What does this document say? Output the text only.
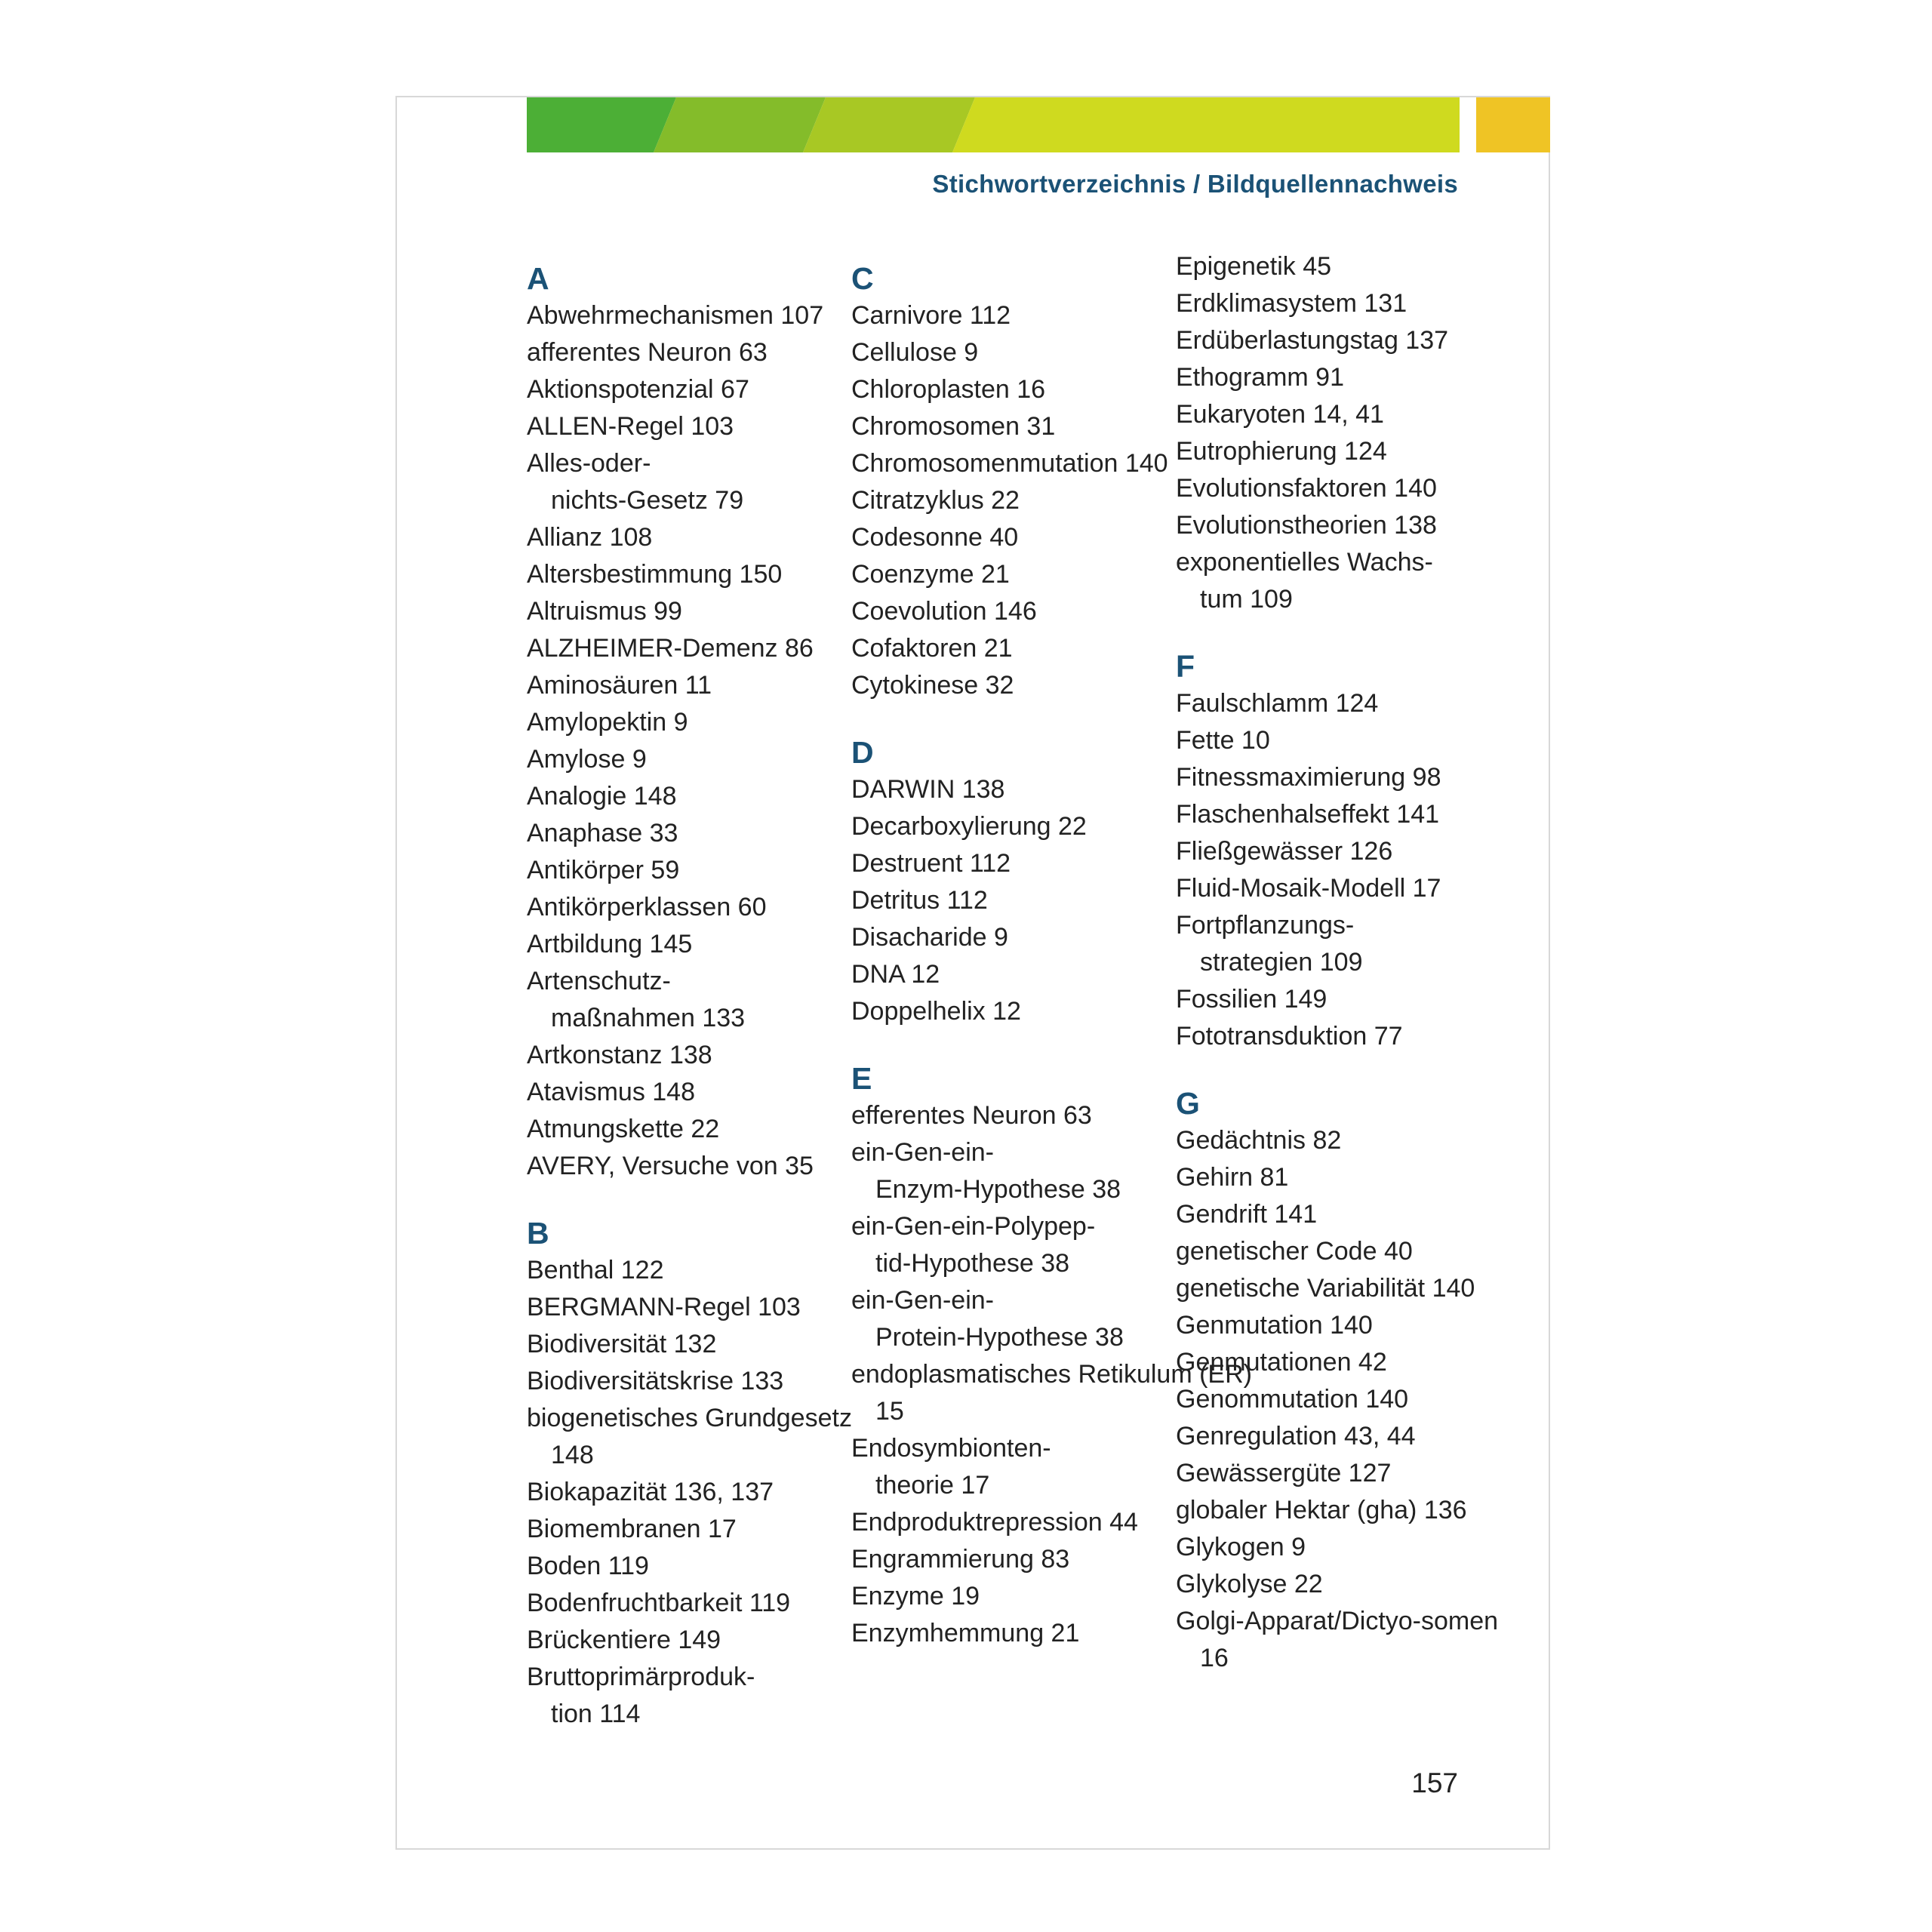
Stichwortverzeichnis / Bildquellennachweis
A
Abwehrmechanismen 107
afferentes Neuron 63
Aktionspotenzial 67
ALLEN-Regel 103
Alles-oder-
nichts-Gesetz 79
Allianz 108
Altersbestimmung 150
Altruismus 99
ALZHEIMER-Demenz 86
Aminosäuren 11
Amylopektin 9
Amylose 9
Analogie 148
Anaphase 33
Antikörper 59
Antikörperklassen 60
Artbildung 145
Artenschutz-
maßnahmen 133
Artkonstanz 138
Atavismus 148
Atmungskette 22
AVERY, Versuche von 35
B
Benthal 122
BERGMANN-Regel 103
Biodiversität 132
Biodiversitätskrise 133
biogenetisches Grundgesetz
148
Biokapazität 136, 137
Biomembranen 17
Boden 119
Bodenfruchtbarkeit 119
Brückentiere 149
Bruttoprimärproduk-
tion 114
C
Carnivore 112
Cellulose 9
Chloroplasten 16
Chromosomen 31
Chromosomenmutation 140
Citratzyklus 22
Codesonne 40
Coenzyme 21
Coevolution 146
Cofaktoren 21
Cytokinese 32
D
DARWIN 138
Decarboxylierung 22
Destruent 112
Detritus 112
Disacharide 9
DNA 12
Doppelhelix 12
E
efferentes Neuron 63
ein-Gen-ein-
Enzym-Hypothese 38
ein-Gen-ein-Polypep-
tid-Hypothese 38
ein-Gen-ein-
Protein-Hypothese 38
endoplasmatisches Retikulum (ER)
15
Endosymbionten-
theorie 17
Endproduktrepression 44
Engrammierung 83
Enzyme 19
Enzymhemmung 21
Epigenetik 45
Erdklimasystem 131
Erdüberlastungstag 137
Ethogramm 91
Eukaryoten 14, 41
Eutrophierung 124
Evolutionsfaktoren 140
Evolutionstheorien 138
exponentielles Wachs-
tum 109
F
Faulschlamm 124
Fette 10
Fitnessmaximierung 98
Flaschenhalseffekt 141
Fließgewässer 126
Fluid-Mosaik-Modell 17
Fortpflanzungs-
strategien 109
Fossilien 149
Fototransduktion 77
G
Gedächtnis 82
Gehirn 81
Gendrift 141
genetischer Code 40
genetische Variabilität 140
Genmutation 140
Genmutationen 42
Genommutation 140
Genregulation 43, 44
Gewässergüte 127
globaler Hektar (gha) 136
Glykogen 9
Glykolyse 22
Golgi-Apparat/Dictyo-somen
16
157
